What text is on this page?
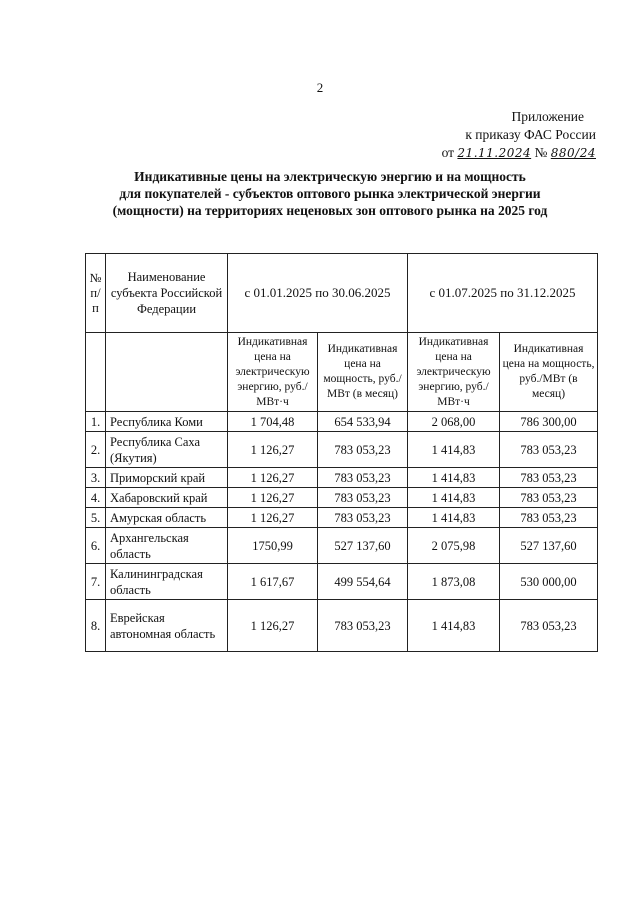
2
Приложение
к приказу ФАС России
от 21.11.2024 № 880/24
Индикативные цены на электрическую энергию и на мощность
для покупателей - субъектов оптового рынка электрической энергии
(мощности) на территориях неценовых зон оптового рынка на 2025 год
№ п/п	Наименование субъекта Российской Федерации	с 01.01.2025 по 30.06.2025		с 01.07.2025 по 31.12.2025	
		Индикативная цена на электрическую энергию, руб./МВт·ч	Индикативная цена на мощность, руб./МВт (в месяц)	Индикативная цена на электрическую энергию, руб./ МВт·ч	Индикативная цена на мощность, руб./МВт (в месяц)
1.	Республика Коми	1 704,48	654 533,94	2 068,00	786 300,00
2.	Республика Саха (Якутия)	1 126,27	783 053,23	1 414,83	783 053,23
3.	Приморский край	1 126,27	783 053,23	1 414,83	783 053,23
4.	Хабаровский край	1 126,27	783 053,23	1 414,83	783 053,23
5.	Амурская область	1 126,27	783 053,23	1 414,83	783 053,23
6.	Архангельская область	1750,99	527 137,60	2 075,98	527 137,60
7.	Калининградская область	1 617,67	499 554,64	1 873,08	530 000,00
8.	Еврейская автономная область	1 126,27	783 053,23	1 414,83	783 053,23
